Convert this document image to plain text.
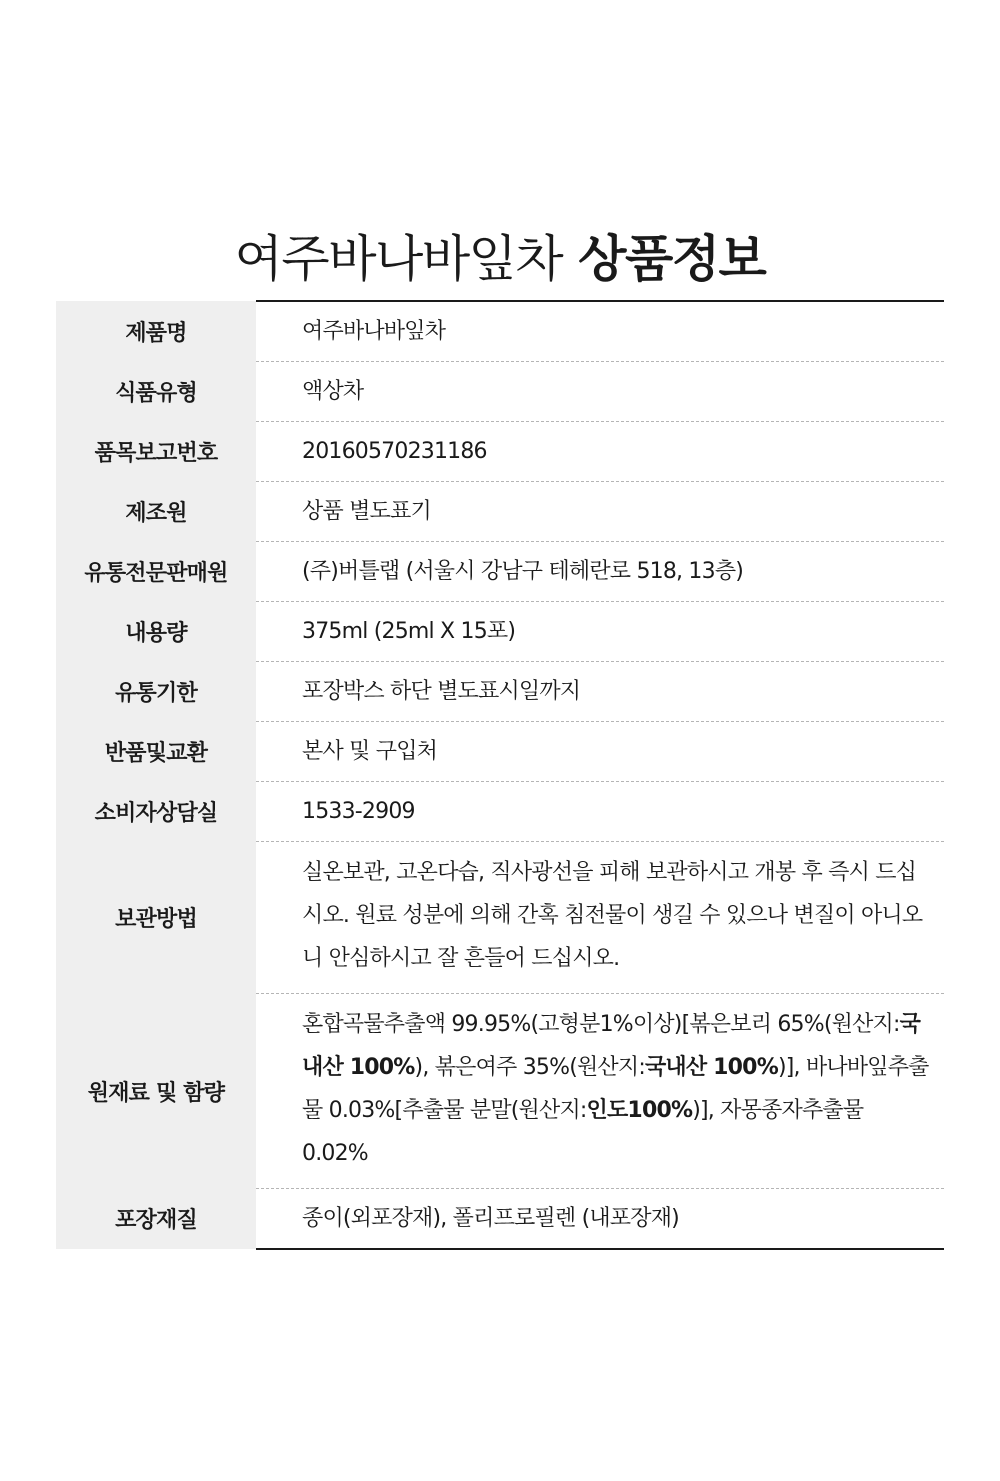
여주바나바잎차 상품정보
제품명	여주바나바잎차
식품유형	액상차
품목보고번호	20160570231186
제조원	상품 별도표기
유통전문판매원	(주)버틀랩 (서울시 강남구 테헤란로 518, 13층)
내용량	375ml (25ml X 15포)
유통기한	포장박스 하단 별도표시일까지
반품및교환	본사 및 구입처
소비자상담실	1533-2909
보관방법	실온보관, 고온다습, 직사광선을 피해 보관하시고 개봉 후 즉시 드십시오. 원료 성분에 의해 간혹 침전물이 생길 수 있으나 변질이 아니오니 안심하시고 잘 흔들어 드십시오.
원재료 및 함량	혼합곡물추출액 99.95%(고형분1%이상)[볶은보리 65%(원산지:국내산 100%), 볶은여주 35%(원산지:국내산 100%)], 바나바잎추출물 0.03%[추출물 분말(원산지:인도100%)], 자몽종자추출물 0.02%
포장재질	종이(외포장재), 폴리프로필렌 (내포장재)
